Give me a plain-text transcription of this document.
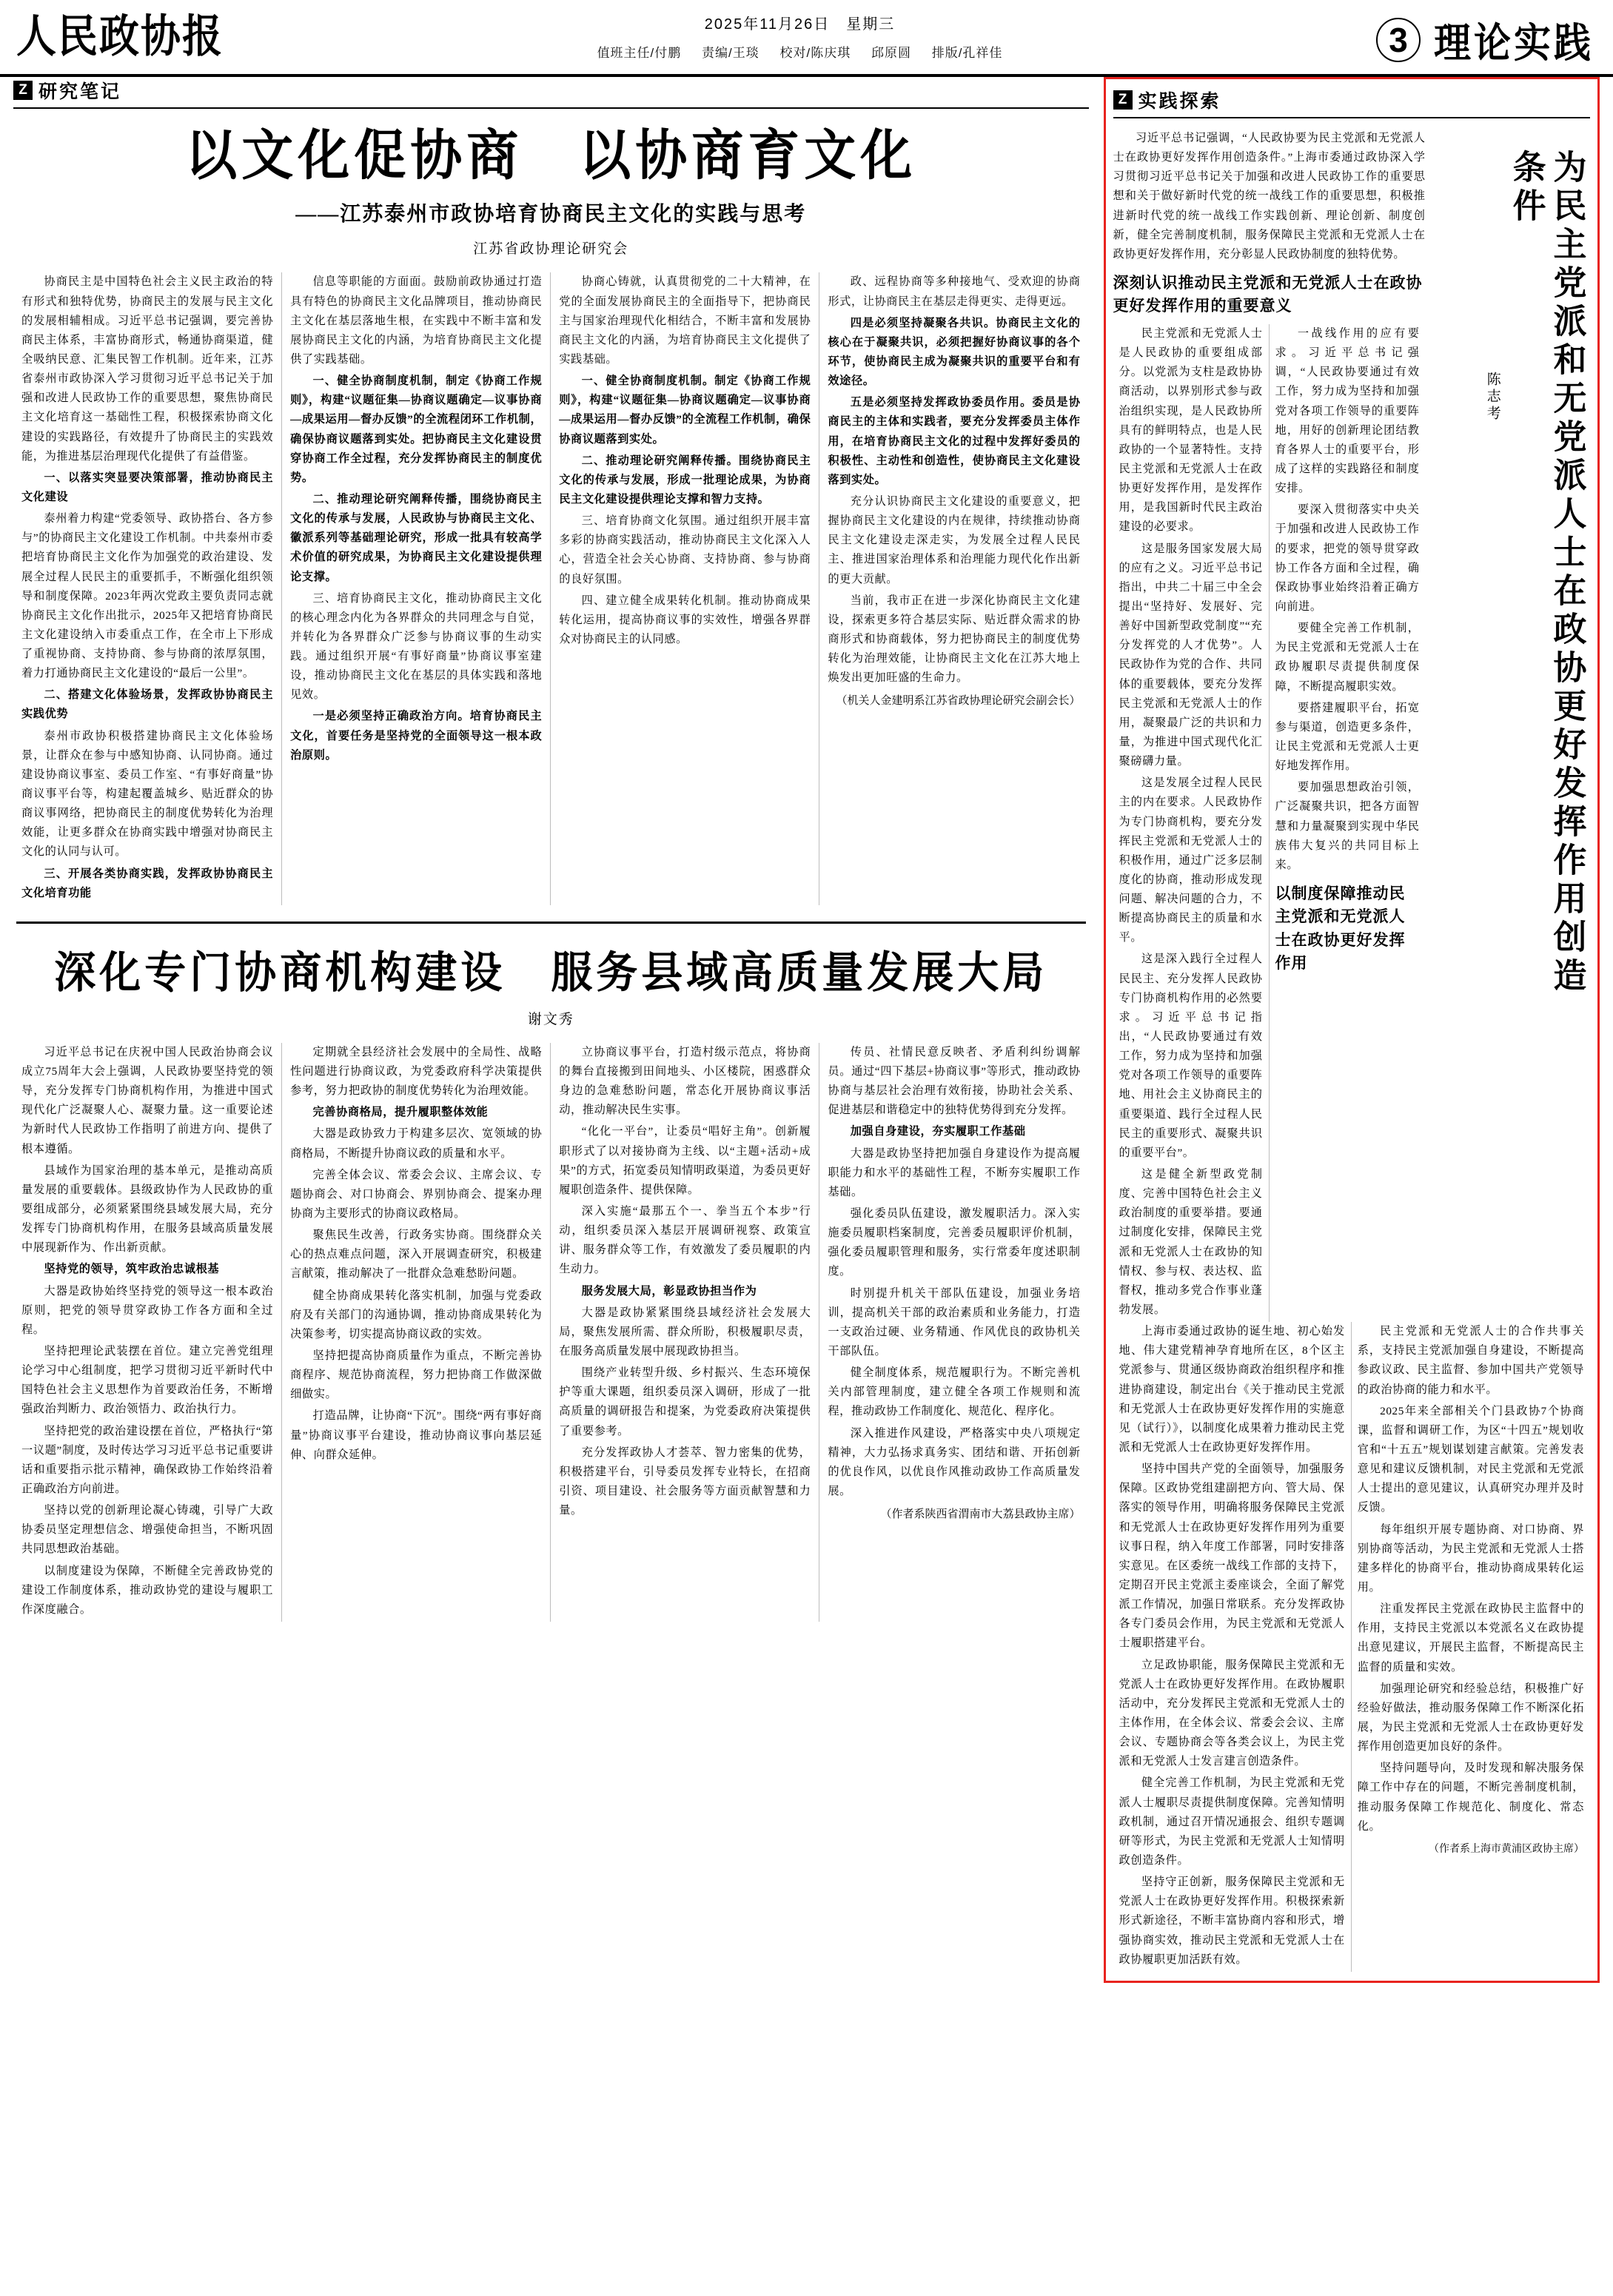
人民政协报	2025年11月26日　星期三
值班主任/付鹏 责编/王琰 校对/陈庆琪 邱原圆 排版/孔祥佳	3 理论实践
Z 研究笔记
以文化促协商　以协商育文化
——江苏泰州市政协培育协商民主文化的实践与思考
江苏省政协理论研究会

协商民主是中国特色社会主义民主政治的特有形式和独特优势，协商民主的发展与民主文化的发展相辅相成。习近平总书记强调，要完善协商民主体系，丰富协商形式，畅通协商渠道，健全吸纳民意、汇集民智工作机制。近年来，江苏省泰州市政协深入学习贯彻习近平总书记关于加强和改进人民政协工作的重要思想，聚焦协商民主文化培育这一基础性工程，积极探索协商文化建设的实践路径，有效提升了协商民主的实践效能，为推进基层治理现代化提供了有益借鉴。

一、以落实突显要决策部署，推动协商民主文化建设

泰州着力构建“党委领导、政协搭台、各方参与”的协商民主文化建设工作机制。中共泰州市委把培育协商民主文化作为加强党的政治建设、发展全过程人民民主的重要抓手，不断强化组织领导和制度保障。2023年两次党政主要负责同志就协商民主文化作出批示，2025年又把培育协商民主文化建设纳入市委重点工作，在全市上下形成了重视协商、支持协商、参与协商的浓厚氛围，着力打通协商民主文化建设的“最后一公里”。

二、搭建文化体验场景，发挥政协协商民主实践优势

泰州市政协积极搭建协商民主文化体验场景，让群众在参与中感知协商、认同协商。通过建设协商议事室、委员工作室、“有事好商量”协商议事平台等，构建起覆盖城乡、贴近群众的协商议事网络，把协商民主的制度优势转化为治理效能，让更多群众在协商实践中增强对协商民主文化的认同与认可。

三、开展各类协商实践，发挥政协协商民主文化培育功能

信息等职能的方面面。鼓励前政协通过打造具有特色的协商民主文化品牌项目，推动协商民主文化在基层落地生根，在实践中不断丰富和发展协商民主文化的内涵，为培育协商民主文化提供了实践基础。

一、健全协商制度机制，制定《协商工作规则》，构建“议题征集—协商议题确定—议事协商—成果运用—督办反馈”的全流程闭环工作机制，确保协商议题落到实处。把协商民主文化建设贯穿协商工作全过程，充分发挥协商民主的制度优势。

二、推动理论研究阐释传播，围绕协商民主文化的传承与发展，人民政协与协商民主文化、徽派系列等基础理论研究，形成一批具有较高学术价值的研究成果，为协商民主文化建设提供理论支撑。

三、培育协商民主文化，推动协商民主文化的核心理念内化为各界群众的共同理念与自觉，并转化为各界群众广泛参与协商议事的生动实践。通过组织开展“有事好商量”协商议事室建设，推动协商民主文化在基层的具体实践和落地见效。

一是必须坚持正确政治方向。培育协商民主文化，首要任务是坚持党的全面领导这一根本政治原则。

协商心铸就，认真贯彻党的二十大精神，在党的全面发展协商民主的全面指导下，把协商民主与国家治理现代化相结合，不断丰富和发展协商民主文化的内涵，为培育协商民主文化提供了实践基础。

一、健全协商制度机制。制定《协商工作规则》，构建“议题征集—协商议题确定—议事协商—成果运用—督办反馈”的全流程工作机制，确保协商议题落到实处。

二、推动理论研究阐释传播。围绕协商民主文化的传承与发展，形成一批理论成果，为协商民主文化建设提供理论支撑和智力支持。

三、培育协商文化氛围。通过组织开展丰富多彩的协商实践活动，推动协商民主文化深入人心，营造全社会关心协商、支持协商、参与协商的良好氛围。

四、建立健全成果转化机制。推动协商成果转化运用，提高协商议事的实效性，增强各界群众对协商民主的认同感。

政、远程协商等多种接地气、受欢迎的协商形式，让协商民主在基层走得更实、走得更远。

四是必须坚持凝聚各共识。协商民主文化的核心在于凝聚共识，必须把握好协商议事的各个环节，使协商民主成为凝聚共识的重要平台和有效途径。

五是必须坚持发挥政协委员作用。委员是协商民主的主体和实践者，要充分发挥委员主体作用，在培育协商民主文化的过程中发挥好委员的积极性、主动性和创造性，使协商民主文化建设落到实处。

充分认识协商民主文化建设的重要意义，把握协商民主文化建设的内在规律，持续推动协商民主文化建设走深走实，为发展全过程人民民主、推进国家治理体系和治理能力现代化作出新的更大贡献。

当前，我市正在进一步深化协商民主文化建设，探索更多符合基层实际、贴近群众需求的协商形式和协商载体，努力把协商民主的制度优势转化为治理效能，让协商民主文化在江苏大地上焕发出更加旺盛的生命力。

（机关人金建明系江苏省政协理论研究会副会长）

深化专门协商机构建设　服务县域高质量发展大局
谢文秀

习近平总书记在庆祝中国人民政治协商会议成立75周年大会上强调，人民政协要坚持党的领导，充分发挥专门协商机构作用，为推进中国式现代化广泛凝聚人心、凝聚力量。这一重要论述为新时代人民政协工作指明了前进方向、提供了根本遵循。

县域作为国家治理的基本单元，是推动高质量发展的重要载体。县级政协作为人民政协的重要组成部分，必须紧紧围绕县域发展大局，充分发挥专门协商机构作用，在服务县域高质量发展中展现新作为、作出新贡献。

坚持党的领导，筑牢政治忠诚根基

大器是政协始终坚持党的领导这一根本政治原则，把党的领导贯穿政协工作各方面和全过程。

坚持把理论武装摆在首位。建立完善党组理论学习中心组制度，把学习贯彻习近平新时代中国特色社会主义思想作为首要政治任务，不断增强政治判断力、政治领悟力、政治执行力。

坚持把党的政治建设摆在首位，严格执行“第一议题”制度，及时传达学习习近平总书记重要讲话和重要指示批示精神，确保政协工作始终沿着正确政治方向前进。

坚持以党的创新理论凝心铸魂，引导广大政协委员坚定理想信念、增强使命担当，不断巩固共同思想政治基础。

以制度建设为保障，不断健全完善政协党的建设工作制度体系，推动政协党的建设与履职工作深度融合。

定期就全县经济社会发展中的全局性、战略性问题进行协商议政，为党委政府科学决策提供参考，努力把政协的制度优势转化为治理效能。

完善协商格局，提升履职整体效能

大器是政协致力于构建多层次、宽领域的协商格局，不断提升协商议政的质量和水平。

完善全体会议、常委会会议、主席会议、专题协商会、对口协商会、界别协商会、提案办理协商为主要形式的协商议政格局。

聚焦民生改善，行政务实协商。围绕群众关心的热点难点问题，深入开展调查研究，积极建言献策，推动解决了一批群众急难愁盼问题。

健全协商成果转化落实机制，加强与党委政府及有关部门的沟通协调，推动协商成果转化为决策参考，切实提高协商议政的实效。

坚持把提高协商质量作为重点，不断完善协商程序、规范协商流程，努力把协商工作做深做细做实。

打造品牌，让协商“下沉”。围绕“两有事好商量”协商议事平台建设，推动协商议事向基层延伸、向群众延伸。

立协商议事平台，打造村级示范点，将协商的舞台直接搬到田间地头、小区楼院，困惑群众身边的急难愁盼问题，常态化开展协商议事活动，推动解决民生实事。

“化化一平台”，让委员“唱好主角”。创新履职形式了以对接协商为主线、以“主题+活动+成果”的方式，拓宽委员知情明政渠道，为委员更好履职创造条件、提供保障。

深入实施“最那五个一、拳当五个本步”行动，组织委员深入基层开展调研视察、政策宣讲、服务群众等工作，有效激发了委员履职的内生动力。

服务发展大局，彰显政协担当作为

大器是政协紧紧围绕县域经济社会发展大局，聚焦发展所需、群众所盼，积极履职尽责，在服务高质量发展中展现政协担当。

围绕产业转型升级、乡村振兴、生态环境保护等重大课题，组织委员深入调研，形成了一批高质量的调研报告和提案，为党委政府决策提供了重要参考。

充分发挥政协人才荟萃、智力密集的优势，积极搭建平台，引导委员发挥专业特长，在招商引资、项目建设、社会服务等方面贡献智慧和力量。

传员、社情民意反映者、矛盾利纠纷调解员。通过“四下基层+协商议事”等形式，推动政协协商与基层社会治理有效衔接，协助社会关系、促进基层和谐稳定中的独特优势得到充分发挥。

加强自身建设，夯实履职工作基础

大器是政协坚持把加强自身建设作为提高履职能力和水平的基础性工程，不断夯实履职工作基础。

强化委员队伍建设，激发履职活力。深入实施委员履职档案制度，完善委员履职评价机制，强化委员履职管理和服务，实行常委年度述职制度。

时别提升机关干部队伍建设，加强业务培训，提高机关干部的政治素质和业务能力，打造一支政治过硬、业务精通、作风优良的政协机关干部队伍。

健全制度体系，规范履职行为。不断完善机关内部管理制度，建立健全各项工作规则和流程，推动政协工作制度化、规范化、程序化。

深入推进作风建设，严格落实中央八项规定精神，大力弘扬求真务实、团结和谐、开拓创新的优良作风，以优良作风推动政协工作高质量发展。

（作者系陕西省渭南市大荔县政协主席）

Z 实践探索

习近平总书记强调，“人民政协要为民主党派和无党派人士在政协更好发挥作用创造条件。”上海市委通过政协深入学习贯彻习近平总书记关于加强和改进人民政协工作的重要思想和关于做好新时代党的统一战线工作的重要思想，积极推进新时代党的统一战线工作实践创新、理论创新、制度创新，健全完善制度机制，服务保障民主党派和无党派人士在政协更好发挥作用，充分彰显人民政协制度的独特优势。

深刻认识推动民主党派和无党派人士在政协更好发挥作用的重要意义

民主党派和无党派人士是人民政协的重要组成部分。以党派为支柱是政协协商活动，以界别形式参与政治组织实现，是人民政协所具有的鲜明特点，也是人民政协的一个显著特性。支持民主党派和无党派人士在政协更好发挥作用，是发挥作用，是我国新时代民主政治建设的必要求。

这是服务国家发展大局的应有之义。习近平总书记指出，中共二十届三中全会提出“坚持好、发展好、完善好中国新型政党制度”“充分发挥党的人才优势”。人民政协作为党的合作、共同体的重要载体，要充分发挥民主党派和无党派人士的作用，凝聚最广泛的共识和力量，为推进中国式现代化汇聚磅礴力量。

这是发展全过程人民民主的内在要求。人民政协作为专门协商机构，要充分发挥民主党派和无党派人士的积极作用，通过广泛多层制度化的协商，推动形成发现问题、解决问题的合力，不断提高协商民主的质量和水平。

这是深入践行全过程人民民主、充分发挥人民政协专门协商机构作用的必然要求。习近平总书记指出，“人民政协要通过有效工作，努力成为坚持和加强党对各项工作领导的重要阵地、用社会主义协商民主的重要渠道、践行全过程人民民主的重要形式、凝聚共识的重要平台”。

这是健全新型政党制度、完善中国特色社会主义政治制度的重要举措。要通过制度化安排，保障民主党派和无党派人士在政协的知情权、参与权、表达权、监督权，推动多党合作事业蓬勃发展。

一战线作用的应有要求。习近平总书记强调，“人民政协要通过有效工作，努力成为坚持和加强党对各项工作领导的重要阵地，用好的创新理论团结教育各界人士的重要平台，形成了这样的实践路径和制度安排。

要深入贯彻落实中央关于加强和改进人民政协工作的要求，把党的领导贯穿政协工作各方面和全过程，确保政协事业始终沿着正确方向前进。

要健全完善工作机制，为民主党派和无党派人士在政协履职尽责提供制度保障，不断提高履职实效。

要搭建履职平台，拓宽参与渠道，创造更多条件，让民主党派和无党派人士更好地发挥作用。

要加强思想政治引领，广泛凝聚共识，把各方面智慧和力量凝聚到实现中华民族伟大复兴的共同目标上来。

以制度保障推动民主党派和无党派人士在政协更好发挥作用	为民主党派和无党派人士在政协更好发挥作用创造条件
陈志考

上海市委通过政协的诞生地、初心始发地、伟大建党精神孕育地所在区，8个区主党派参与、贯通区级协商政治组织程序和推进协商建设，制定出台《关于推动民主党派和无党派人士在政协更好发挥作用的实施意见（试行）》，以制度化成果着力推动民主党派和无党派人士在政协更好发挥作用。

坚持中国共产党的全面领导，加强服务保障。区政协党组建副把方向、管大局、保落实的领导作用，明确将服务保障民主党派和无党派人士在政协更好发挥作用列为重要议事日程，纳入年度工作部署，同时安排落实意见。在区委统一战线工作部的支持下，定期召开民主党派主委座谈会，全面了解党派工作情况，加强日常联系。充分发挥政协各专门委员会作用，为民主党派和无党派人士履职搭建平台。

立足政协职能，服务保障民主党派和无党派人士在政协更好发挥作用。在政协履职活动中，充分发挥民主党派和无党派人士的主体作用，在全体会议、常委会会议、主席会议、专题协商会等各类会议上，为民主党派和无党派人士发言建言创造条件。

健全完善工作机制，为民主党派和无党派人士履职尽责提供制度保障。完善知情明政机制，通过召开情况通报会、组织专题调研等形式，为民主党派和无党派人士知情明政创造条件。

坚持守正创新，服务保障民主党派和无党派人士在政协更好发挥作用。积极探索新形式新途径，不断丰富协商内容和形式，增强协商实效，推动民主党派和无党派人士在政协履职更加活跃有效。

民主党派和无党派人士的合作共事关系，支持民主党派加强自身建设，不断提高参政议政、民主监督、参加中国共产党领导的政治协商的能力和水平。

2025年来全部相关个门县政协7个协商课，监督和调研工作，为区“十四五”规划收官和“十五五”规划谋划建言献策。完善发表意见和建议反馈机制，对民主党派和无党派人士提出的意见建议，认真研究办理并及时反馈。

每年组织开展专题协商、对口协商、界别协商等活动，为民主党派和无党派人士搭建多样化的协商平台，推动协商成果转化运用。

注重发挥民主党派在政协民主监督中的作用，支持民主党派以本党派名义在政协提出意见建议，开展民主监督，不断提高民主监督的质量和实效。

加强理论研究和经验总结，积极推广好经验好做法，推动服务保障工作不断深化拓展，为民主党派和无党派人士在政协更好发挥作用创造更加良好的条件。

坚持问题导向，及时发现和解决服务保障工作中存在的问题，不断完善制度机制，推动服务保障工作规范化、制度化、常态化。

（作者系上海市黄浦区政协主席）
